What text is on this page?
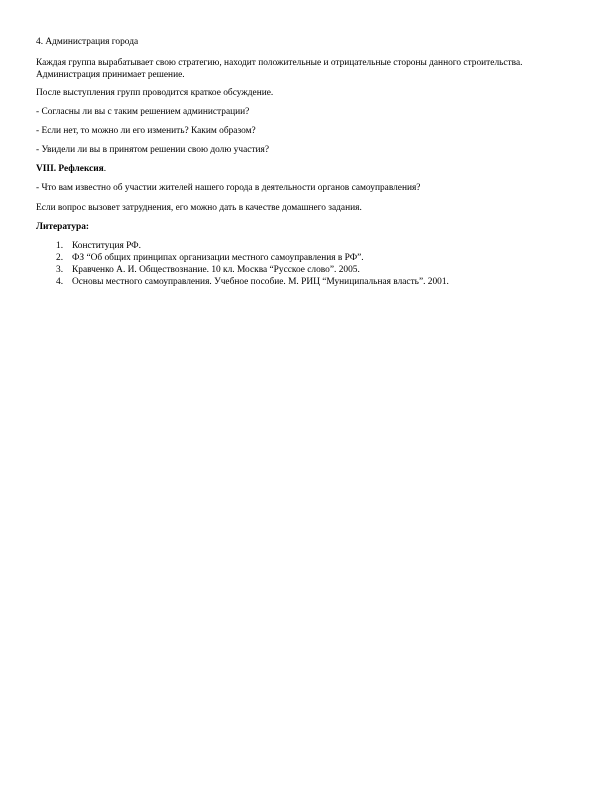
4. Администрация города

Каждая группа вырабатывает свою стратегию, находит положительные и отрицательные стороны данного строительства. Администрация принимает решение.

После выступления групп проводится краткое обсуждение.

- Согласны ли вы с таким решением администрации?

- Если нет, то можно ли его изменить? Каким образом?

- Увидели ли вы в принятом решении свою долю участия?

VIII. Рефлексия.

- Что вам известно об участии жителей нашего города в деятельности органов самоуправления?

Если вопрос вызовет затруднения, его можно дать в качестве домашнего задания.

Литература:

1. Конституция РФ.
2. ФЗ “Об общих принципах организации местного самоуправления в РФ”.
3. Кравченко А. И. Обществознание. 10 кл. Москва “Русское слово”. 2005.
4. Основы местного самоуправления. Учебное пособие. М. РИЦ “Муниципальная власть”. 2001.
